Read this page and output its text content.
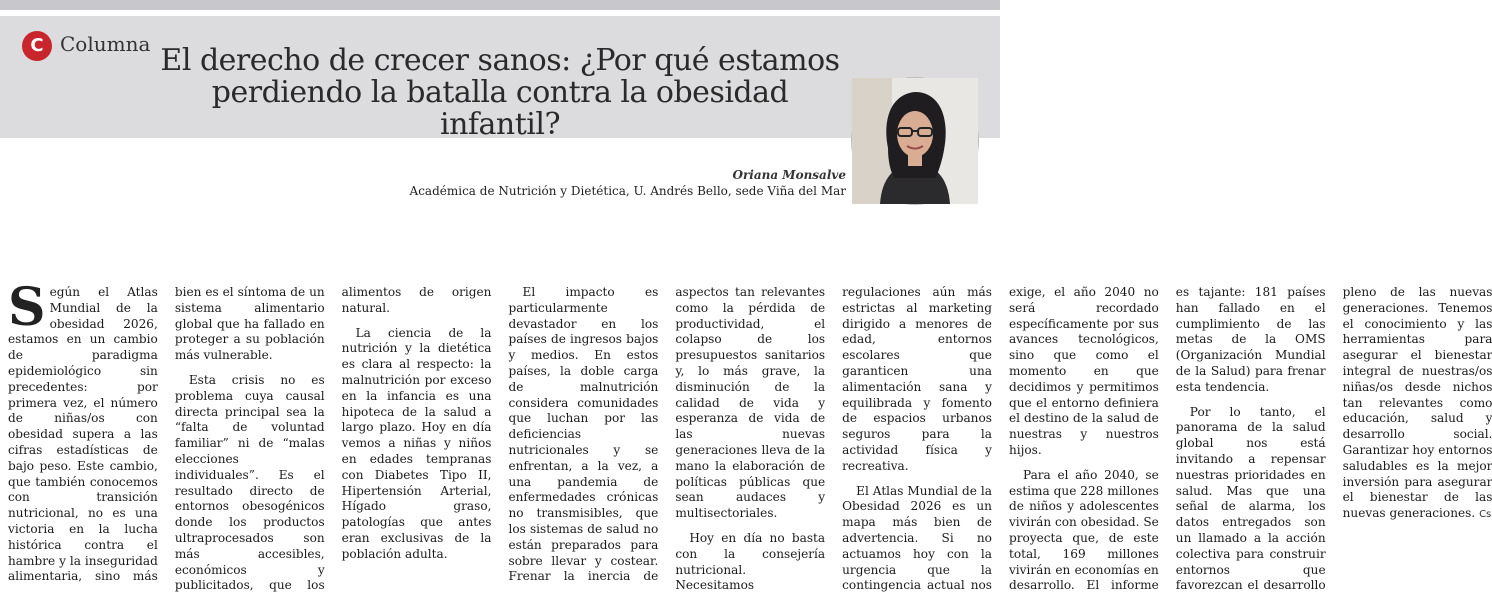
C Columna El derecho de crecer sanos: ¿Por qué estamos perdiendo la batalla contra la obesidad infantil?
Oriana Monsalve
Académica de Nutrición y Dietética, U. Andrés Bello, sede Viña del Mar

Según el Atlas Mundial de la obesidad 2026, estamos en un cambio de paradigma epidemiológico sin precedentes: por primera vez, el número de niñas/os con obesidad supera a las cifras estadísticas de bajo peso. Este cambio, que también conocemos con transición nutricional, no es una victoria en la lucha histórica contra el hambre y la inseguridad alimentaria, sino más bien es el síntoma de un sistema alimentario global que ha fallado en proteger a su población más vulnerable.

Esta crisis no es problema cuya causal directa principal sea la “falta de voluntad familiar” ni de “malas elecciones individuales”. Es el resultado directo de entornos obesogénicos donde los productos ultraprocesados son más accesibles, económicos y publicitados, que los alimentos de origen natural.

La ciencia de la nutrición y la dietética es clara al respecto: la malnutrición por exceso en la infancia es una hipoteca de la salud a largo plazo. Hoy en día vemos a niñas y niños en edades tempranas con Diabetes Tipo II, Hipertensión Arterial, Hígado graso, patologías que antes eran exclusivas de la población adulta.

El impacto es particularmente devastador en los países de ingresos bajos y medios. En estos países, la doble carga de malnutrición considera comunidades que luchan por las deficiencias nutricionales y se enfrentan, a la vez, a una pandemia de enfermedades crónicas no transmisibles, que los sistemas de salud no están preparados para sobre llevar y costear. Frenar la inercia de aspectos tan relevantes como la pérdida de productividad, el colapso de los presupuestos sanitarios y, lo más grave, la disminución de la calidad de vida y esperanza de vida de las nuevas generaciones lleva de la mano la elaboración de políticas públicas que sean audaces y multisectoriales.

Hoy en día no basta con la consejería nutricional. Necesitamos regulaciones aún más estrictas al marketing dirigido a menores de edad, entornos escolares que garanticen una alimentación sana y equilibrada y fomento de espacios urbanos seguros para la actividad física y recreativa.

El Atlas Mundial de la Obesidad 2026 es un mapa más bien de advertencia. Si no actuamos hoy con la urgencia que la contingencia actual nos exige, el año 2040 no será recordado específicamente por sus avances tecnológicos, sino que como el momento en que decidimos y permitimos que el entorno definiera el destino de la salud de nuestras y nuestros hijos.

Para el año 2040, se estima que 228 millones de niños y adolescentes vivirán con obesidad. Se proyecta que, de este total, 169 millones vivirán en economías en desarrollo. El informe es tajante: 181 países han fallado en el cumplimiento de las metas de la OMS (Organización Mundial de la Salud) para frenar esta tendencia.

Por lo tanto, el panorama de la salud global nos está invitando a repensar nuestras prioridades en salud. Mas que una señal de alarma, los datos entregados son un llamado a la acción colectiva para construir entornos que favorezcan el desarrollo pleno de las nuevas generaciones. Tenemos el conocimiento y las herramientas para asegurar el bienestar integral de nuestras/os niñas/os desde nichos tan relevantes como educación, salud y desarrollo social. Garantizar hoy entornos saludables es la mejor inversión para asegurar el bienestar de las nuevas generaciones. Cs
